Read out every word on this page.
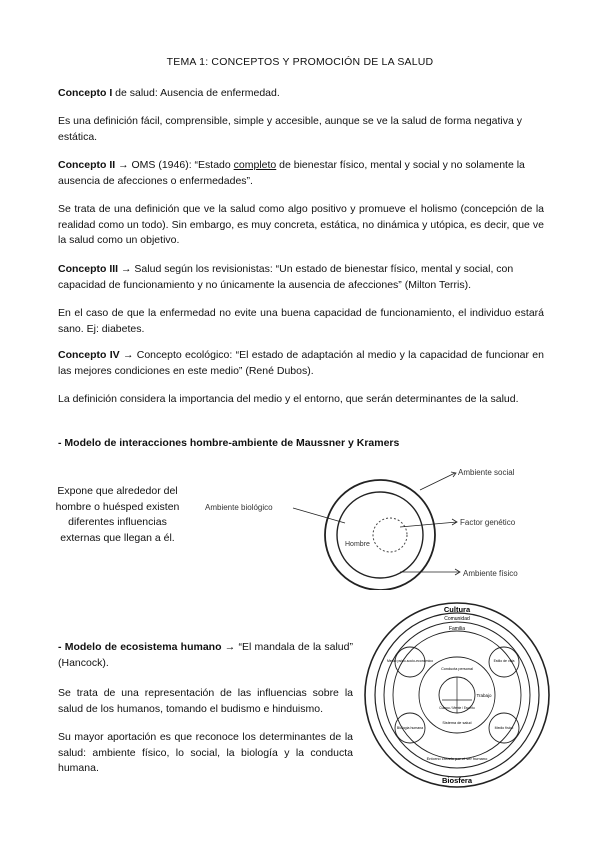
TEMA 1: CONCEPTOS Y PROMOCIÓN DE LA SALUD
Concepto I de salud: Ausencia de enfermedad.
Es una definición fácil, comprensible, simple y accesible, aunque se ve la salud de forma negativa y estática.
Concepto II → OMS (1946): “Estado completo de bienestar físico, mental y social y no solamente la ausencia de afecciones o enfermedades”.
Se trata de una definición que ve la salud como algo positivo y promueve el holismo (concepción de la realidad como un todo). Sin embargo, es muy concreta, estática, no dinámica y utópica, es decir, que ve la salud como un objetivo.
Concepto III → Salud según los revisionistas: “Un estado de bienestar físico, mental y social, con capacidad de funcionamiento y no únicamente la ausencia de afecciones” (Milton Terris).
En el caso de que la enfermedad no evite una buena capacidad de funcionamiento, el individuo estará sano. Ej: diabetes.
Concepto IV → Concepto ecológico: “El estado de adaptación al medio y la capacidad de funcionar en las mejores condiciones en este medio” (René Dubos).
La definición considera la importancia del medio y el entorno, que serán determinantes de la salud.
- Modelo de interacciones hombre-ambiente de Maussner y Kramers
Expone que alrededor del hombre o huésped existen diferentes influencias externas que llegan a él.
Ambiente biológico
Ambiente social
Factor genético
Hombre
Ambiente físico
- Modelo de ecosistema humano → “El mandala de la salud” (Hancock).
Se trata de una representación de las influencias sobre la salud de los humanos, tomando el budismo e hinduismo.
Su mayor aportación es que reconoce los determinantes de la salud: ambiente físico, lo social, la biología y la conducta humana.
Cultura
Comunidad
Familia
Biosfera
Entorno creado por el ser humano
Medio psico-socio-económico	Estilo de vida
Biología humana	Medio físico
Conducta personal
Sistema de salud
Trabajo
Cuerpo / Mente / Espíritu
